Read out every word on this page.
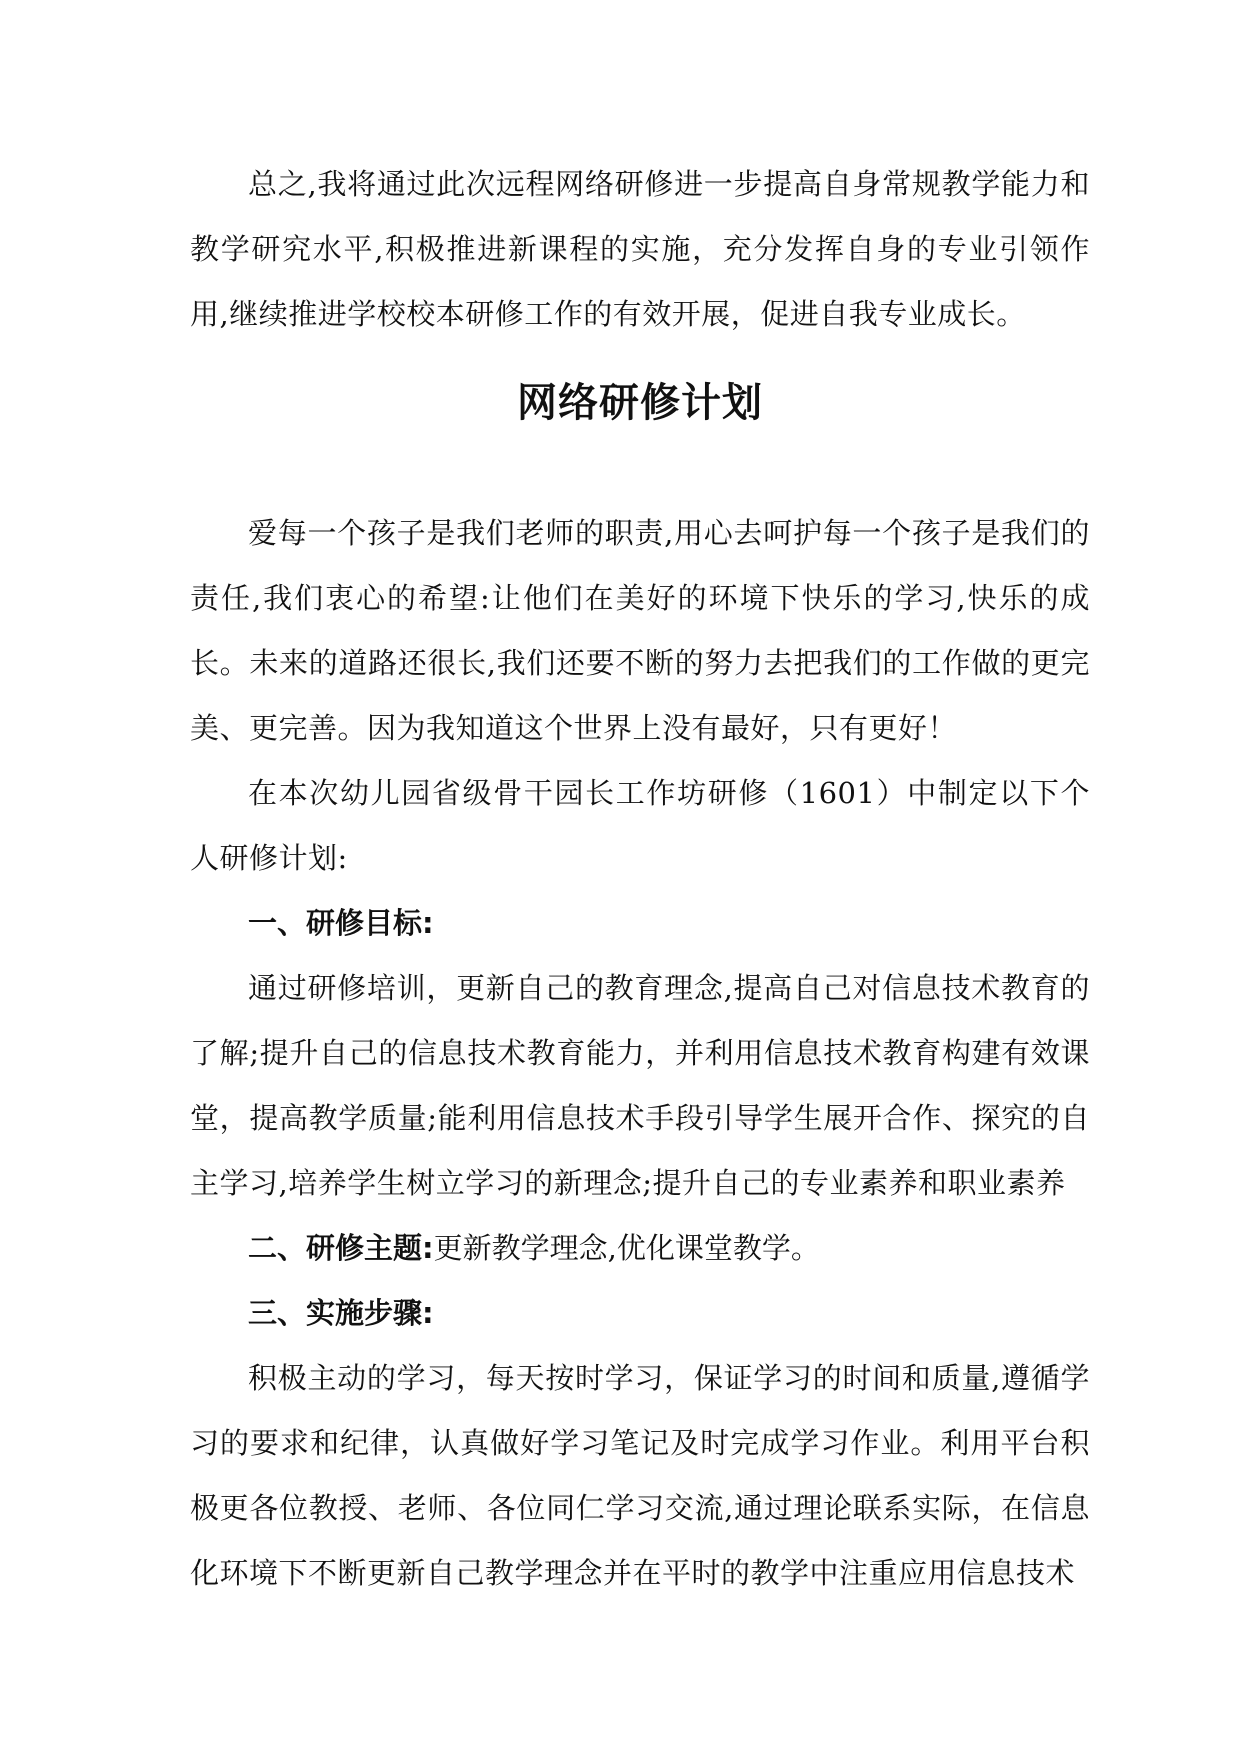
总之,我将通过此次远程网络研修进一步提高自身常规教学能力和教学研究水平,积极推进新课程的实施，充分发挥自身的专业引领作用,继续推进学校校本研修工作的有效开展，促进自我专业成长。

网络研修计划

爱每一个孩子是我们老师的职责,用心去呵护每一个孩子是我们的责任,我们衷心的希望:让他们在美好的环境下快乐的学习,快乐的成长。未来的道路还很长,我们还要不断的努力去把我们的工作做的更完美、更完善。因为我知道这个世界上没有最好，只有更好！

在本次幼儿园省级骨干园长工作坊研修（1601）中制定以下个人研修计划:

一、研修目标:

通过研修培训，更新自己的教育理念,提高自己对信息技术教育的了解;提升自己的信息技术教育能力，并利用信息技术教育构建有效课堂，提高教学质量;能利用信息技术手段引导学生展开合作、探究的自主学习,培养学生树立学习的新理念;提升自己的专业素养和职业素养

二、研修主题:更新教学理念,优化课堂教学。

三、实施步骤:

积极主动的学习，每天按时学习，保证学习的时间和质量,遵循学习的要求和纪律，认真做好学习笔记及时完成学习作业。利用平台积极更各位教授、老师、各位同仁学习交流,通过理论联系实际，在信息化环境下不断更新自己教学理念并在平时的教学中注重应用信息技术
